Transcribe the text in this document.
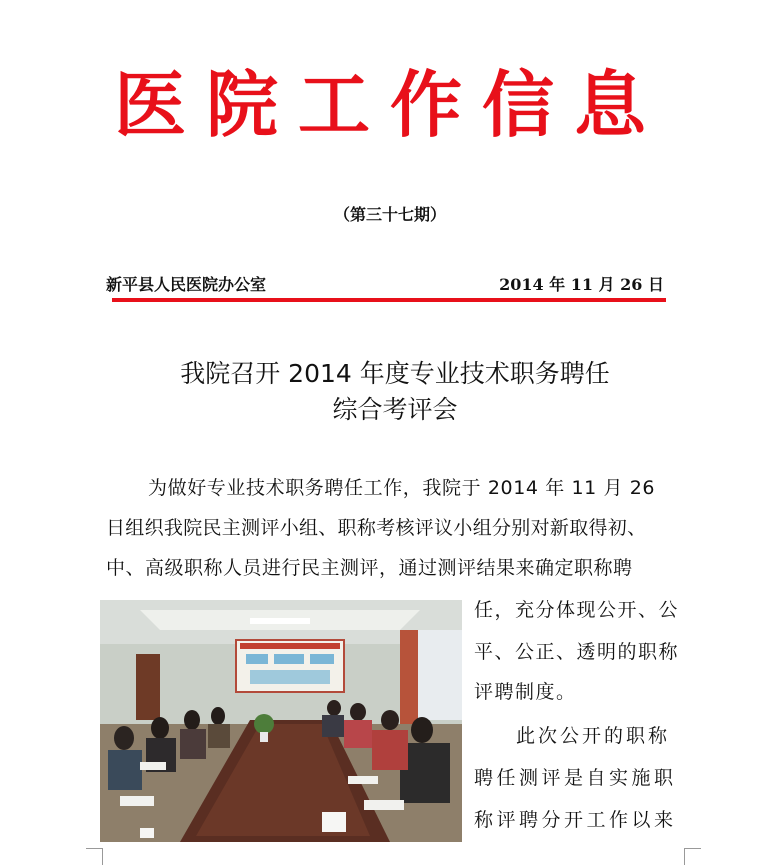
医院工作信息
（第三十七期）
新平县人民医院办公室	2014 年 11 月 26 日
我院召开 2014 年度专业技术职务聘任
综合考评会
为做好专业技术职务聘任工作，我院于 2014 年 11 月 26
日组织我院民主测评小组、职称考核评议小组分别对新取得初、
中、高级职称人员进行民主测评，通过测评结果来确定职称聘
任，充分体现公开、公
平、公正、透明的职称
评聘制度。
此次公开的职称
聘任测评是自实施职
称评聘分开工作以来
